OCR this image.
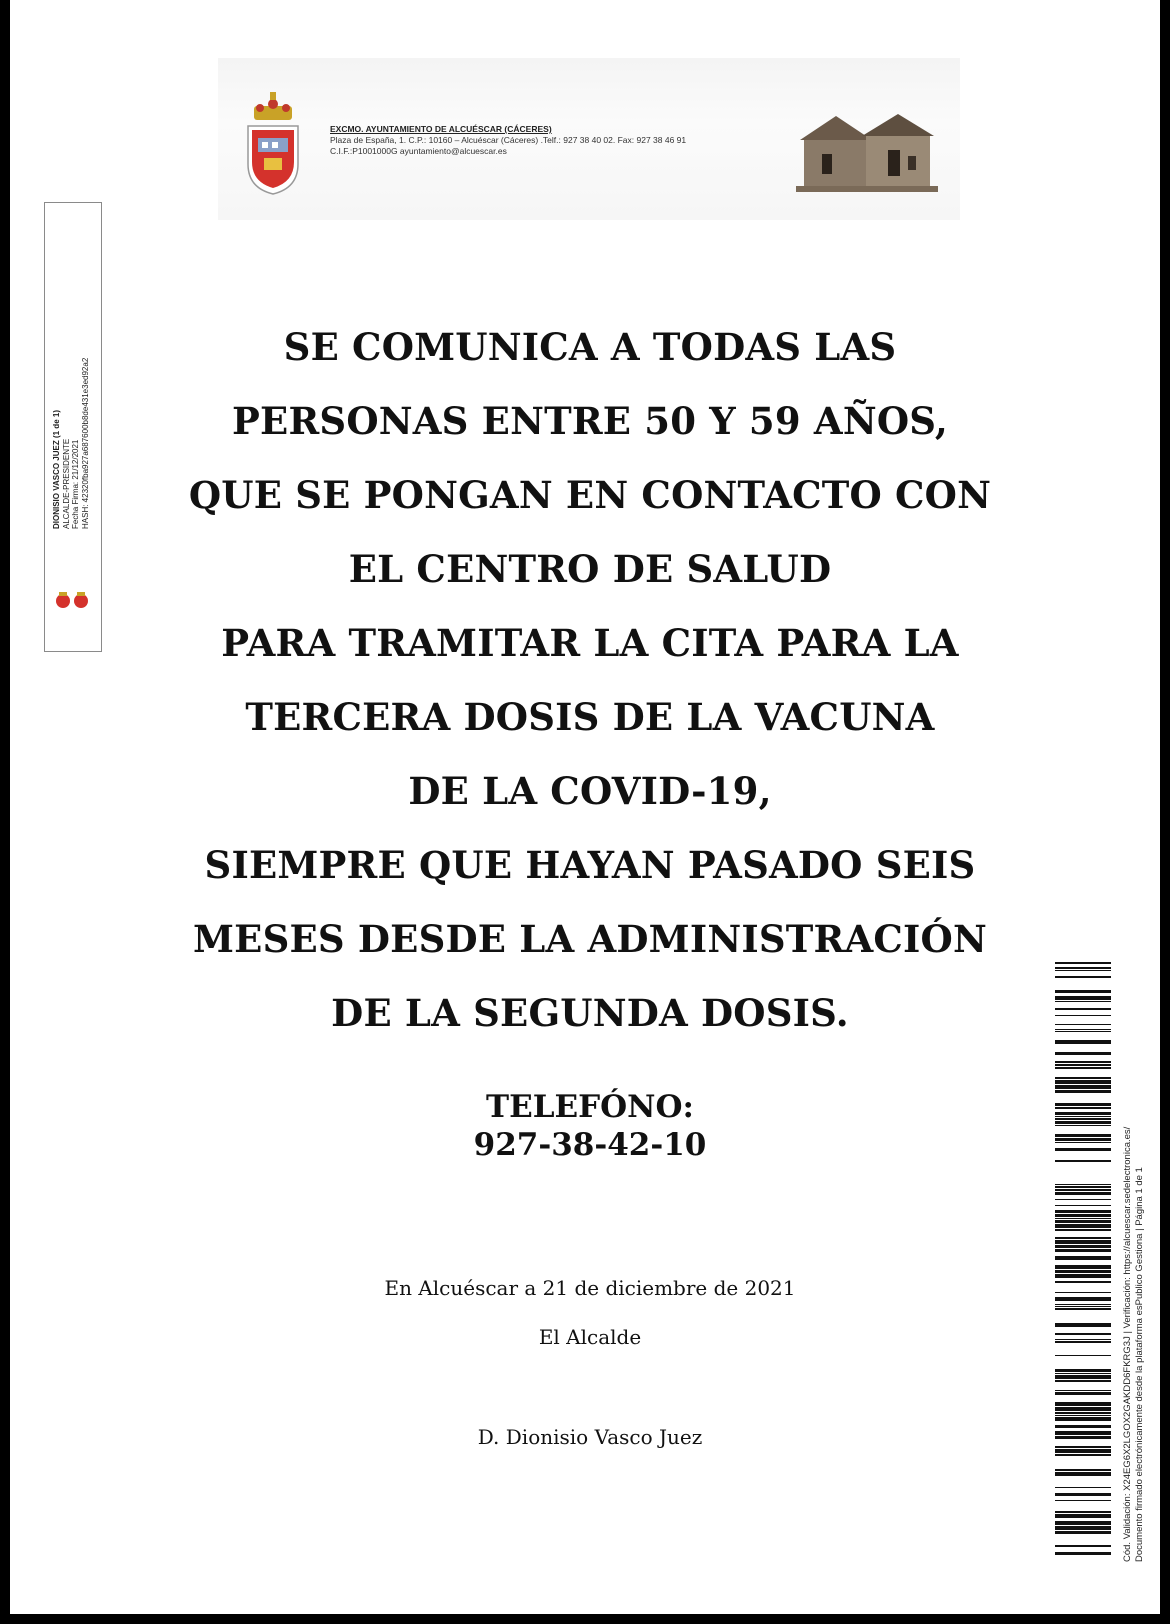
EXCMO. AYUNTAMIENTO DE ALCUÉSCAR (CÁCERES)
Plaza de España, 1. C.P.: 10160 – Alcuéscar (Cáceres) .Telf.: 927 38 40 02. Fax: 927 38 46 91
C.I.F.:P1001000G ayuntamiento@alcuescar.es
DIONISIO VASCO JUEZ (1 de 1) ALCALDE-PRESIDENTE Fecha Firma: 21/12/2021 HASH: 42320fba927a687600b8de431e3ed92a2
SE COMUNICA A TODAS LAS
PERSONAS ENTRE 50 Y 59 AÑOS,
QUE SE PONGAN EN CONTACTO CON
EL CENTRO DE SALUD
PARA TRAMITAR LA CITA PARA LA
TERCERA DOSIS DE LA VACUNA
DE LA COVID-19,
SIEMPRE QUE HAYAN PASADO SEIS
MESES DESDE LA ADMINISTRACIÓN
DE LA SEGUNDA DOSIS.
TELEFÓNO:
927-38-42-10
En Alcuéscar a 21 de diciembre de 2021
El Alcalde
D. Dionisio Vasco Juez	Cód. Validación: X24EG6X2LGOX2GAKDD6FKRG3J | Verificación: https://alcuescar.sedelectronica.es/ Documento firmado electrónicamente desde la plataforma esPublico Gestiona | Página 1 de 1
